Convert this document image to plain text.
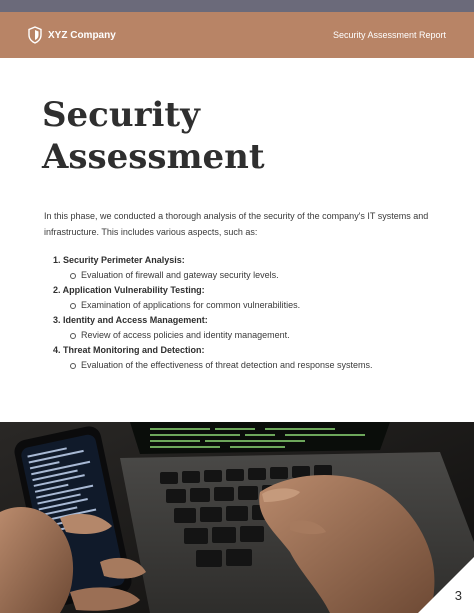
XYZ Company	Security Assessment Report
Security
Assessment

In this phase, we conducted a thorough analysis of the security of the company's IT systems and infrastructure. This includes various aspects, such as:

1. Security Perimeter Analysis:
Evaluation of firewall and gateway security levels.
2. Application Vulnerability Testing:
Examination of applications for common vulnerabilities.
3. Identity and Access Management:
Review of access policies and identity management.
4. Threat Monitoring and Detection:
Evaluation of the effectiveness of threat detection and response systems.
3
